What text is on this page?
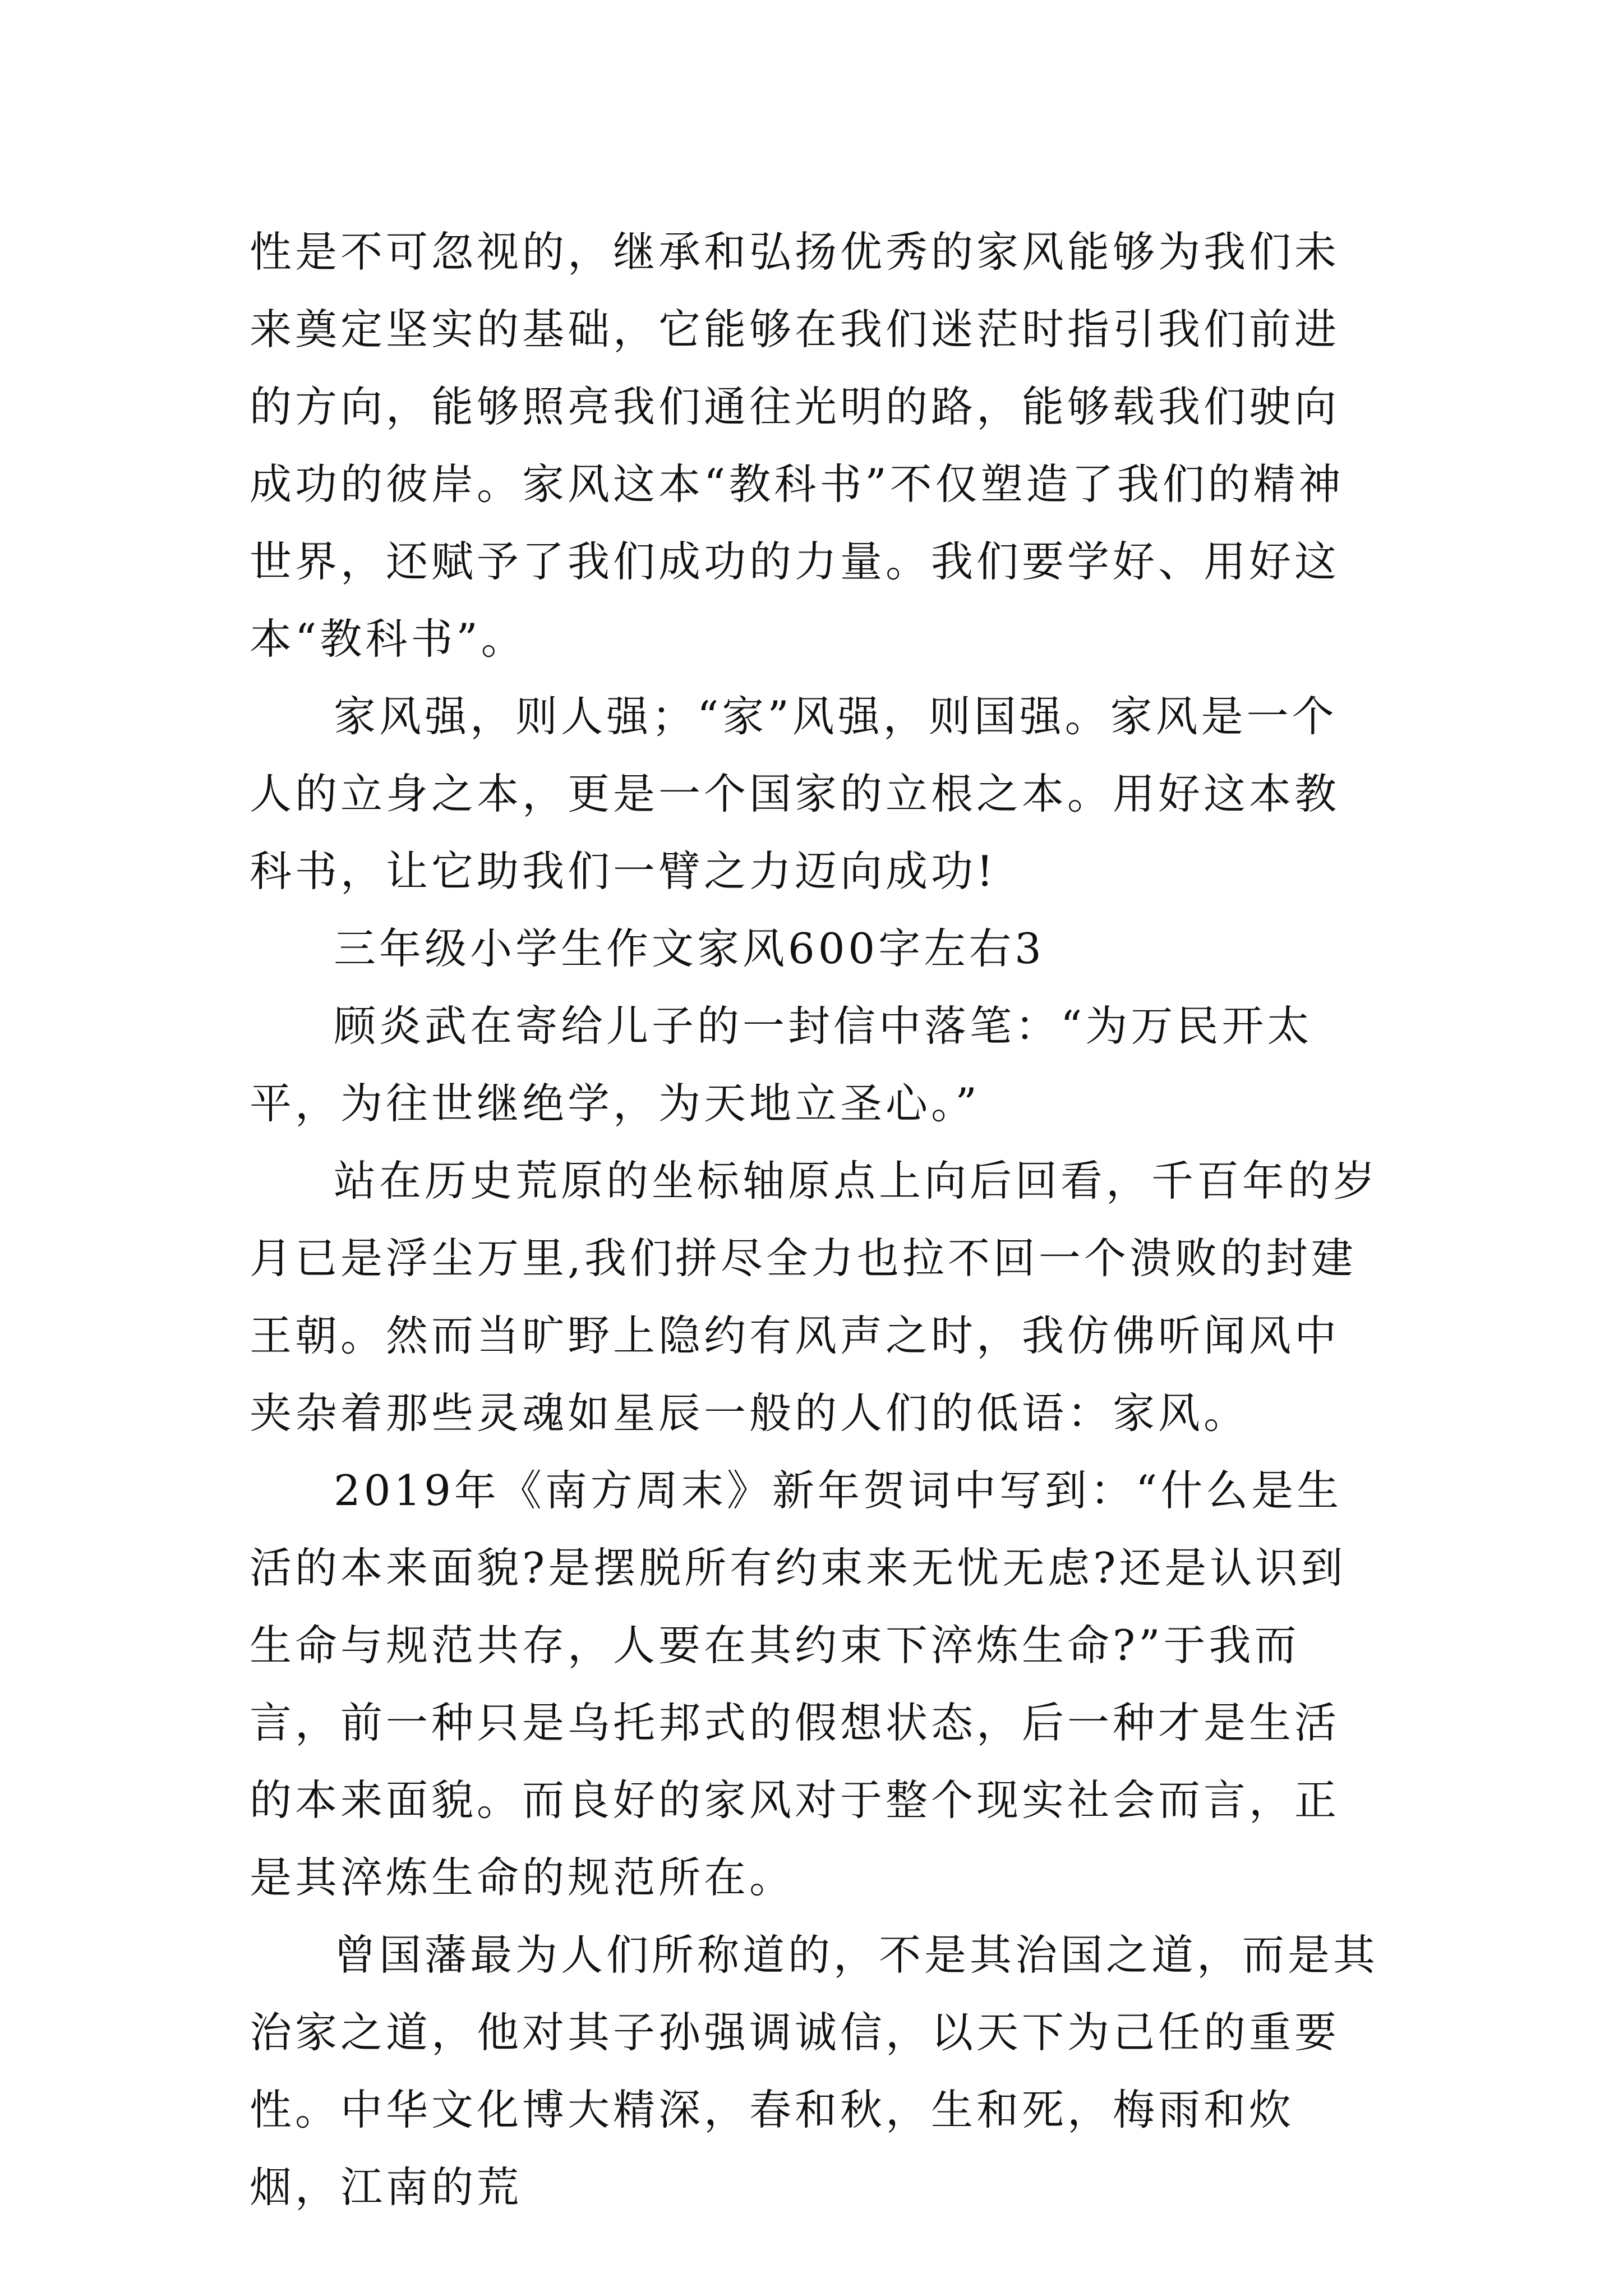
性是不可忽视的，继承和弘扬优秀的家风能够为我们未来奠定坚实的基础，它能够在我们迷茫时指引我们前进的方向，能够照亮我们通往光明的路，能够载我们驶向成功的彼岸。家风这本“教科书”不仅塑造了我们的精神世界，还赋予了我们成功的力量。我们要学好、用好这本“教科书”。

家风强，则人强；“家”风强，则国强。家风是一个人的立身之本，更是一个国家的立根之本。用好这本教科书，让它助我们一臂之力迈向成功!

三年级小学生作文家风600字左右3

顾炎武在寄给儿子的一封信中落笔：“为万民开太平，为往世继绝学，为天地立圣心。”

站在历史荒原的坐标轴原点上向后回看，千百年的岁月已是浮尘万里,我们拼尽全力也拉不回一个溃败的封建王朝。然而当旷野上隐约有风声之时，我仿佛听闻风中夹杂着那些灵魂如星辰一般的人们的低语：家风。

2019年《南方周末》新年贺词中写到：“什么是生活的本来面貌?是摆脱所有约束来无忧无虑?还是认识到生命与规范共存，人要在其约束下淬炼生命?”于我而言，前一种只是乌托邦式的假想状态，后一种才是生活的本来面貌。而良好的家风对于整个现实社会而言，正是其淬炼生命的规范所在。

曾国藩最为人们所称道的，不是其治国之道，而是其治家之道，他对其子孙强调诚信，以天下为己任的重要性。中华文化博大精深，春和秋，生和死，梅雨和炊烟，江南的荒
